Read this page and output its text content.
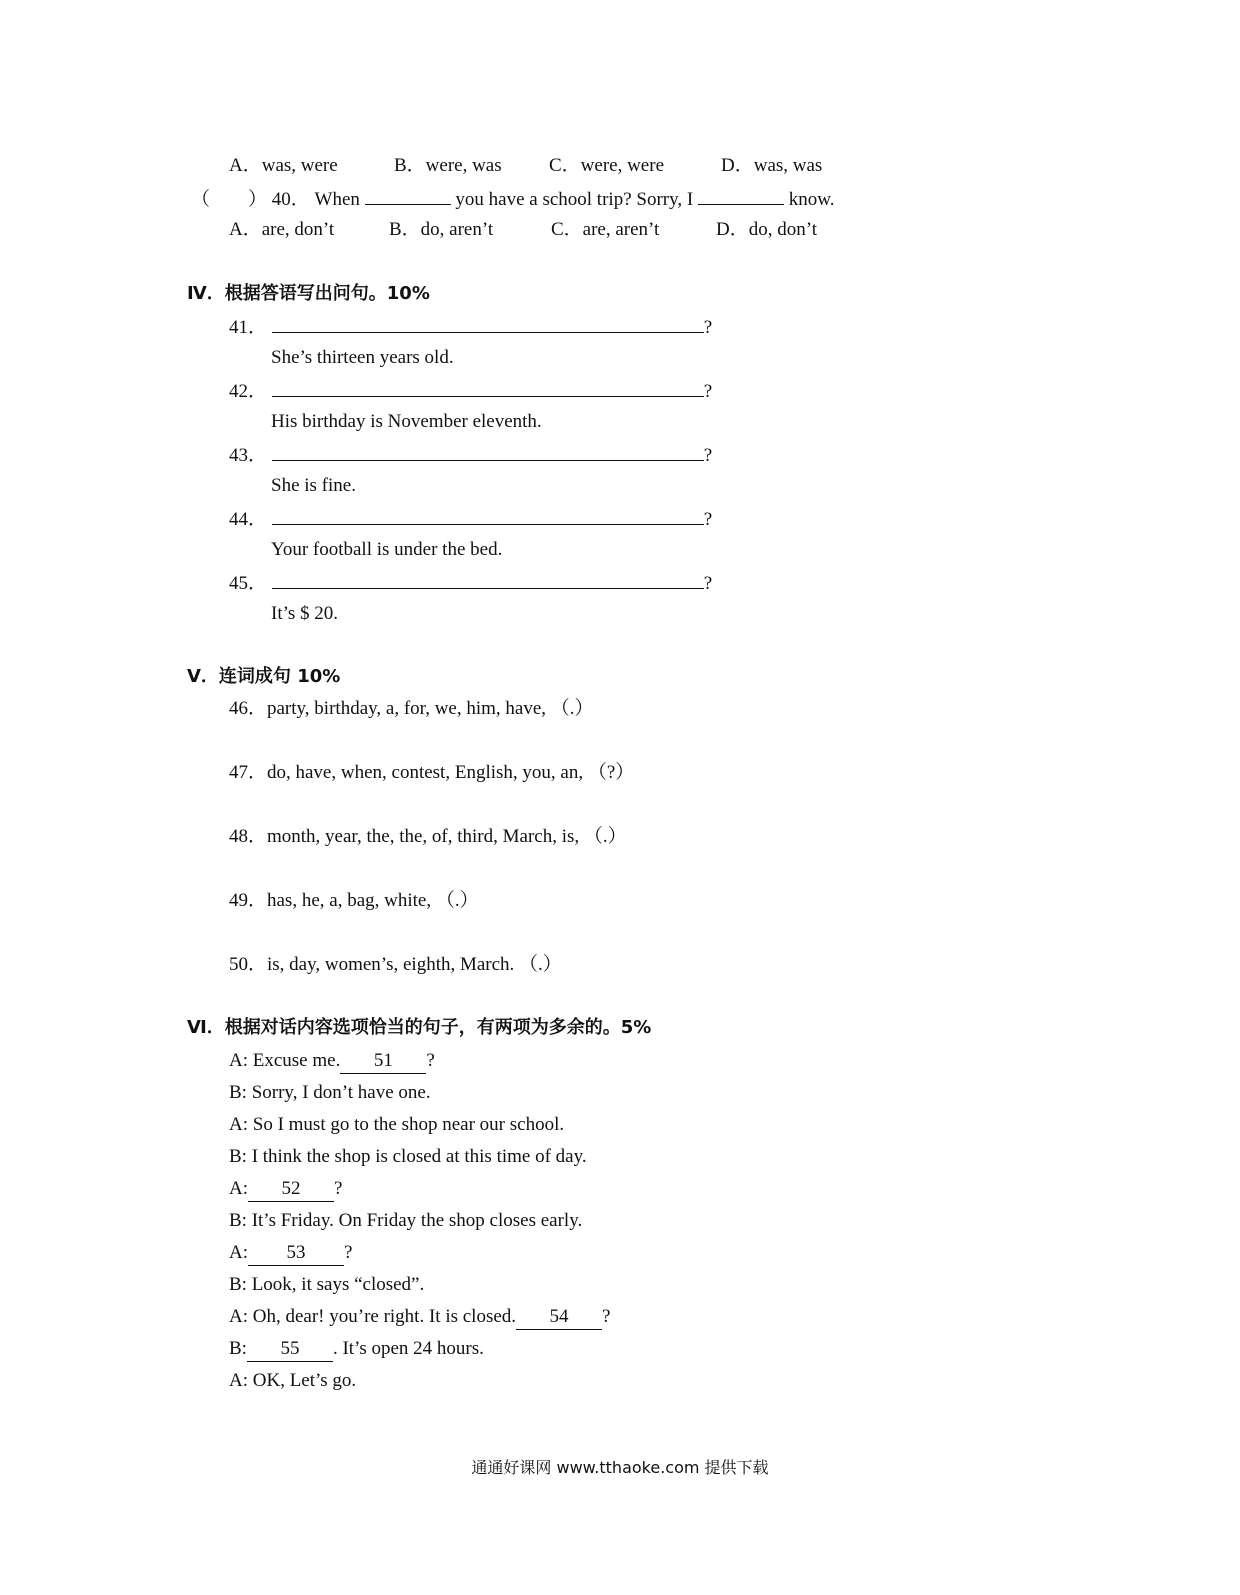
A．was, were	B．were, was C．were, were	D．was, was
（　　） 40． When	you have a school trip? Sorry, I	know.
A．are, don’t	B．do, aren’t	C．are, aren’t	D．do, don’t
Ⅳ．根据答语写出问句。10%
41．	?
She’s thirteen years old.
42．	?
His birthday is November eleventh.
43．	?
She is fine.
44．	?
Your football is under the bed.
45．	?
It’s $ 20.
Ⅴ．连词成句 10%
46．party, birthday, a, for, we, him, have, （.）
47．do, have, when, contest, English, you, an, （?）
48．month, year, the, the, of, third, March, is, （.）
49．has, he, a, bag, white, （.）
50．is, day, women’s, eighth, March. （.）
Ⅵ．根据对话内容选项恰当的句子，有两项为多余的。5%
A: Excuse me. 51 ?
B: Sorry, I don’t have one.
A: So I must go to the shop near our school.
B: I think the shop is closed at this time of day.
A: 52 ?
B: It’s Friday. On Friday the shop closes early.
A: 53 ?
B: Look, it says “closed”.
A: Oh, dear! you’re right. It is closed. 54 ?
B: 55 . It’s open 24 hours.
A: OK, Let’s go.
通通好课网 www.tthaoke.com 提供下载
